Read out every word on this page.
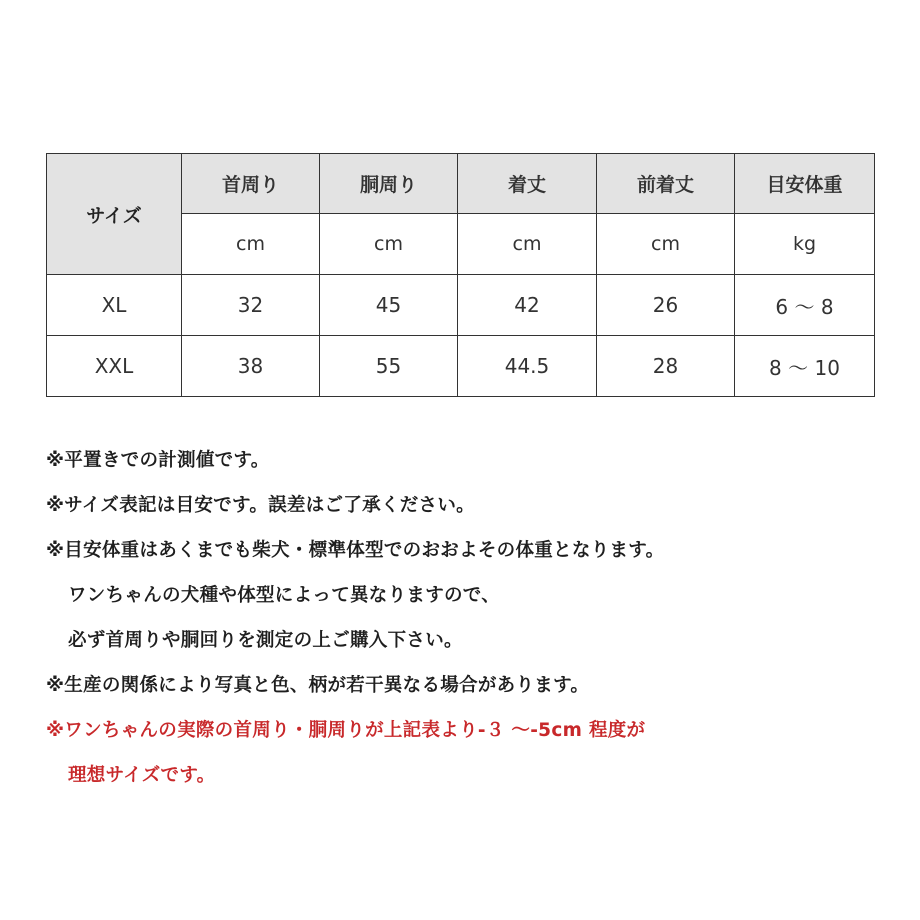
サイズ	首周り	胴周り	着丈	前着丈	目安体重
	cm	cm	cm	cm	kg
XL	32	45	42	26	6 ～ 8
XXL	38	55	44.5	28	8 ～ 10
※平置きでの計測値です。
※サイズ表記は目安です。誤差はご了承ください。
※目安体重はあくまでも柴犬・標準体型でのおおよその体重となります。
ワンちゃんの犬種や体型によって異なりますので、
必ず首周りや胴回りを測定の上ご購入下さい。
※生産の関係により写真と色、柄が若干異なる場合があります。
※ワンちゃんの実際の首周り・胴周りが上記表より-３ ～-5cm 程度が
理想サイズです。
